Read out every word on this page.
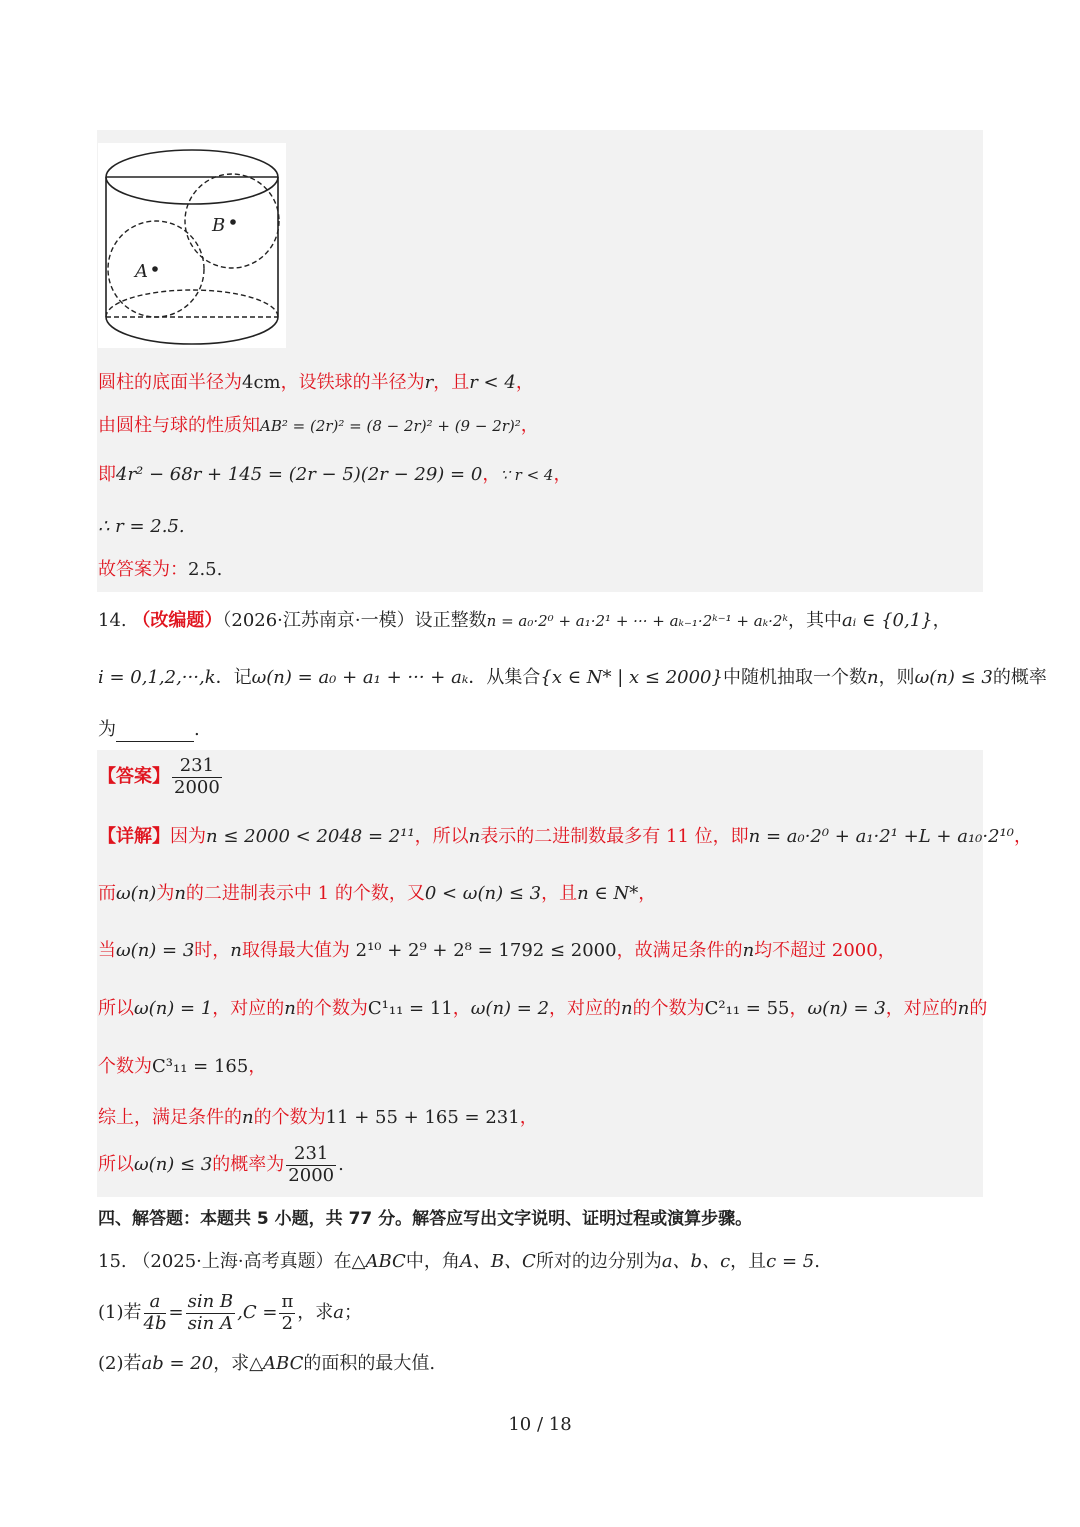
B
A
圆柱的底面半径为4cm，设铁球的半径为r，且r < 4，
由圆柱与球的性质知AB² = (2r)² = (8 − 2r)² + (9 − 2r)²，
即4r² − 68r + 145 = (2r − 5)(2r − 29) = 0，∵ r < 4，
∴ r = 2.5.
故答案为：2.5.
14. （改编题）（2026·江苏南京·一模）设正整数n = a₀·2⁰ + a₁·2¹ + ··· + aₖ₋₁·2ᵏ⁻¹ + aₖ·2ᵏ，其中aᵢ ∈ {0,1}，
i = 0,1,2,···,k．记ω(n) = a₀ + a₁ + ··· + aₖ．从集合{x ∈ N* | x ≤ 2000}中随机抽取一个数n，则ω(n) ≤ 3的概率
为	.
【答案】 $\frac{231}{2000}$
【详解】因为n ≤ 2000 < 2048 = 2¹¹，所以n表示的二进制数最多有 11 位，即n = a₀·2⁰ + a₁·2¹ +L + a₁₀·2¹⁰，
而ω(n)为n的二进制表示中 1 的个数，又0 < ω(n) ≤ 3，且n ∈ N*，
当ω(n) = 3时，n取得最大值为 2¹⁰ + 2⁹ + 2⁸ = 1792 ≤ 2000，故满足条件的n均不超过 2000，
所以ω(n) = 1，对应的n的个数为C¹₁₁ = 11，ω(n) = 2，对应的n的个数为C²₁₁ = 55，ω(n) = 3，对应的n的
个数为C³₁₁ = 165，
综上，满足条件的n的个数为11 + 55 + 165 = 231，
所以ω(n) ≤ 3的概率为 $\frac{231}{2000}$ .
四、解答题：本题共 5 小题，共 77 分。解答应写出文字说明、证明过程或演算步骤。
15. （2025·上海·高考真题）在△ABC中，角A、B、C所对的边分别为a、b、c，且c = 5.
(1)若 $\frac{a}{4b} = \frac{\text{sin B}}{\text{sin A}} ,C = \frac{\pi}{2}$ ，求a；
(2)若ab = 20，求△ABC的面积的最大值.
10 / 18
